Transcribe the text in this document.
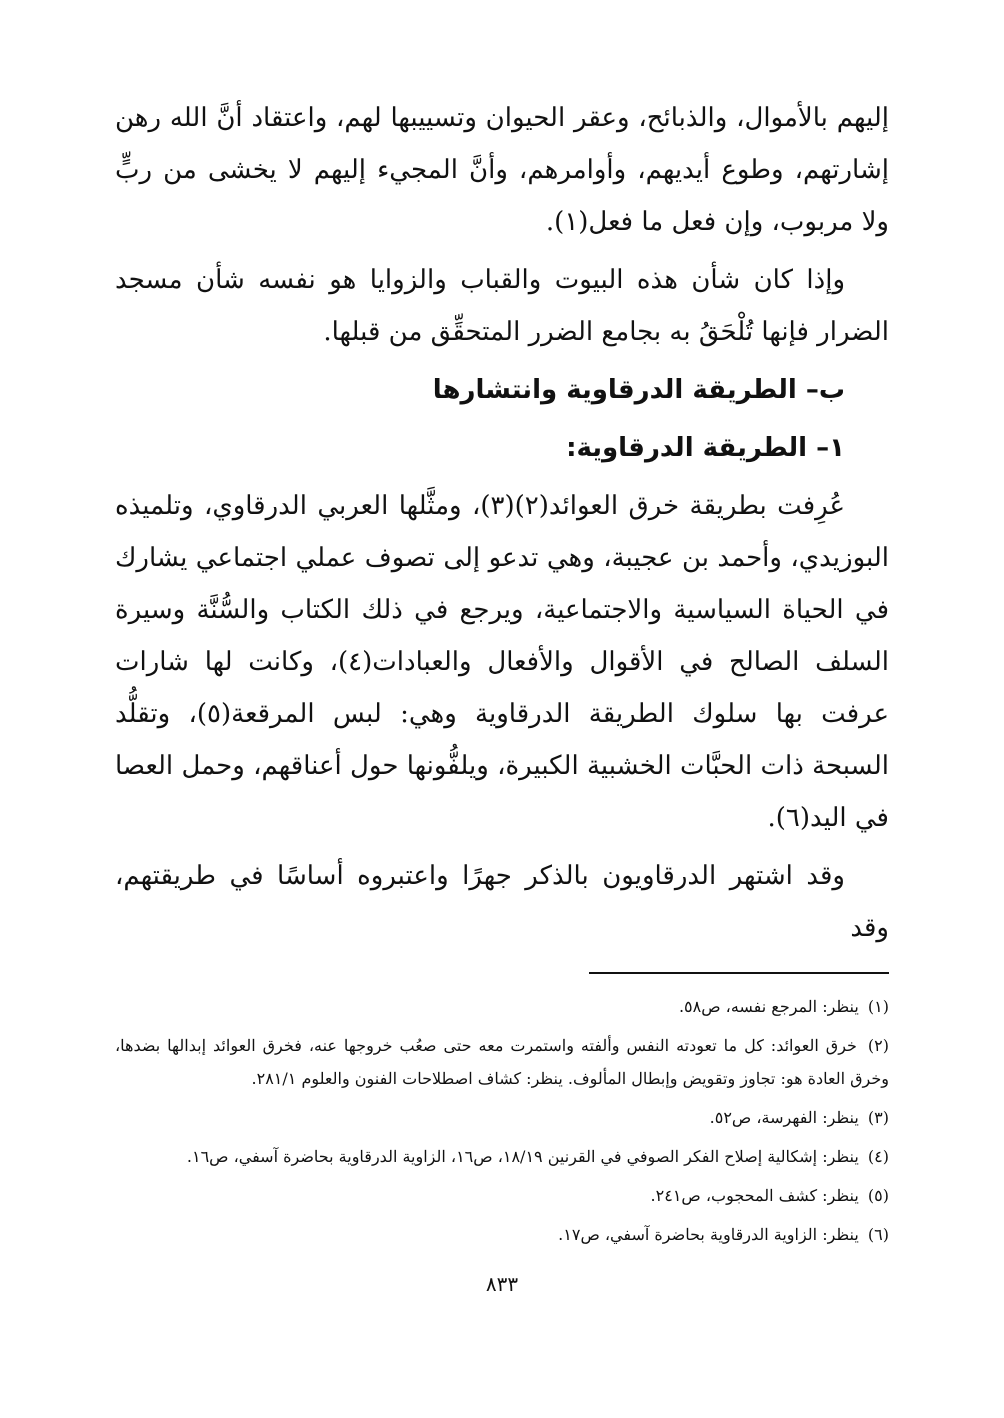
إليهم بالأموال، والذبائح، وعقر الحيوان وتسييبها لهم، واعتقاد أنَّ الله رهن إشارتهم، وطوع أيديهم، وأوامرهم، وأنَّ المجيء إليهم لا يخشى من ربٍّ ولا مربوب، وإن فعل ما فعل(١).

وإذا كان شأن هذه البيوت والقباب والزوايا هو نفسه شأن مسجد الضرار فإنها تُلْحَقُ به بجامع الضرر المتحقِّق من قبلها.

ب– الطريقة الدرقاوية وانتشارها
١– الطريقة الدرقاوية:

عُرِفت بطريقة خرق العوائد(٢)(٣)، ومثَّلها العربي الدرقاوي، وتلميذه البوزيدي، وأحمد بن عجيبة، وهي تدعو إلى تصوف عملي اجتماعي يشارك في الحياة السياسية والاجتماعية، ويرجع في ذلك الكتاب والسُّنَّة وسيرة السلف الصالح في الأقوال والأفعال والعبادات(٤)، وكانت لها شارات عرفت بها سلوك الطريقة الدرقاوية وهي: لبس المرقعة(٥)، وتقلُّد السبحة ذات الحبَّات الخشبية الكبيرة، ويلفُّونها حول أعناقهم، وحمل العصا في اليد(٦).

وقد اشتهر الدرقاويون بالذكر جهرًا واعتبروه أساسًا في طريقتهم، وقد

(١) ينظر: المرجع نفسه، ص٥٨.

(٢) خرق العوائد: كل ما تعودته النفس وألفته واستمرت معه حتى صعُب خروجها عنه، فخرق العوائد إبدالها بضدها، وخرق العادة هو: تجاوز وتقويض وإبطال المألوف. ينظر: كشاف اصطلاحات الفنون والعلوم ٢٨١/١.

(٣) ينظر: الفهرسة، ص٥٢.

(٤) ينظر: إشكالية إصلاح الفكر الصوفي في القرنين ١٨/١٩، ص١٦، الزاوية الدرقاوية بحاضرة آسفي، ص١٦.

(٥) ينظر: كشف المحجوب، ص٢٤١.

(٦) ينظر: الزاوية الدرقاوية بحاضرة آسفي، ص١٧.

٨٣٣
